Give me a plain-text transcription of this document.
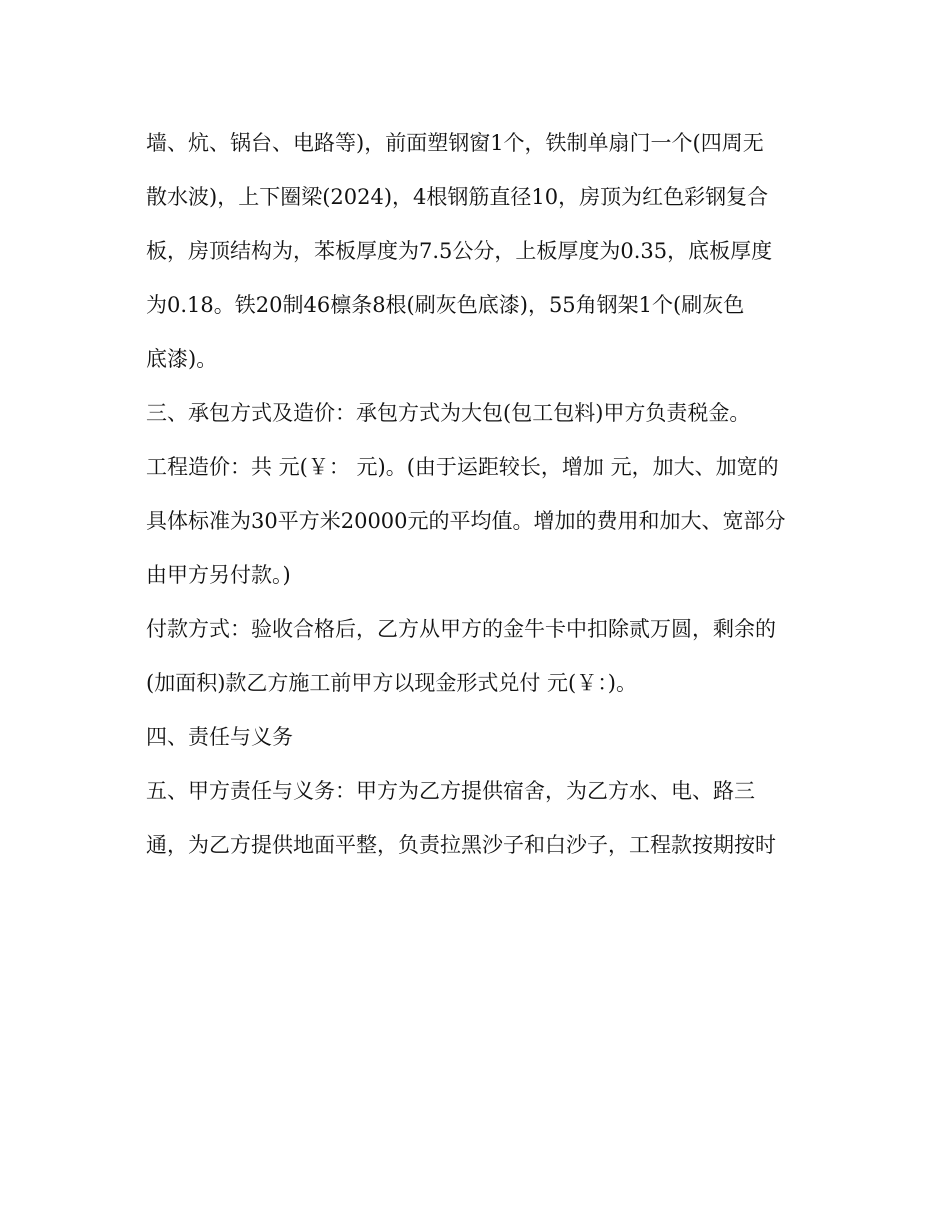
墙、炕、锅台、电路等)，前面塑钢窗1个，铁制单扇门一个(四周无
散水波)，上下圈梁(2024)，4根钢筋直径10，房顶为红色彩钢复合
板，房顶结构为，苯板厚度为7.5公分，上板厚度为0.35，底板厚度
为0.18。铁20制46檩条8根(刷灰色底漆)，55角钢架1个(刷灰色
底漆)。
三、承包方式及造价：承包方式为大包(包工包料)甲方负责税金。
工程造价：共 元(￥： 元)。(由于运距较长，增加 元，加大、加宽的
具体标准为30平方米20000元的平均值。增加的费用和加大、宽部分
由甲方另付款。)
付款方式：验收合格后，乙方从甲方的金牛卡中扣除贰万圆，剩余的
(加面积)款乙方施工前甲方以现金形式兑付 元(￥：)。
四、责任与义务
五、甲方责任与义务：甲方为乙方提供宿舍，为乙方水、电、路三
通，为乙方提供地面平整，负责拉黑沙子和白沙子，工程款按期按时
